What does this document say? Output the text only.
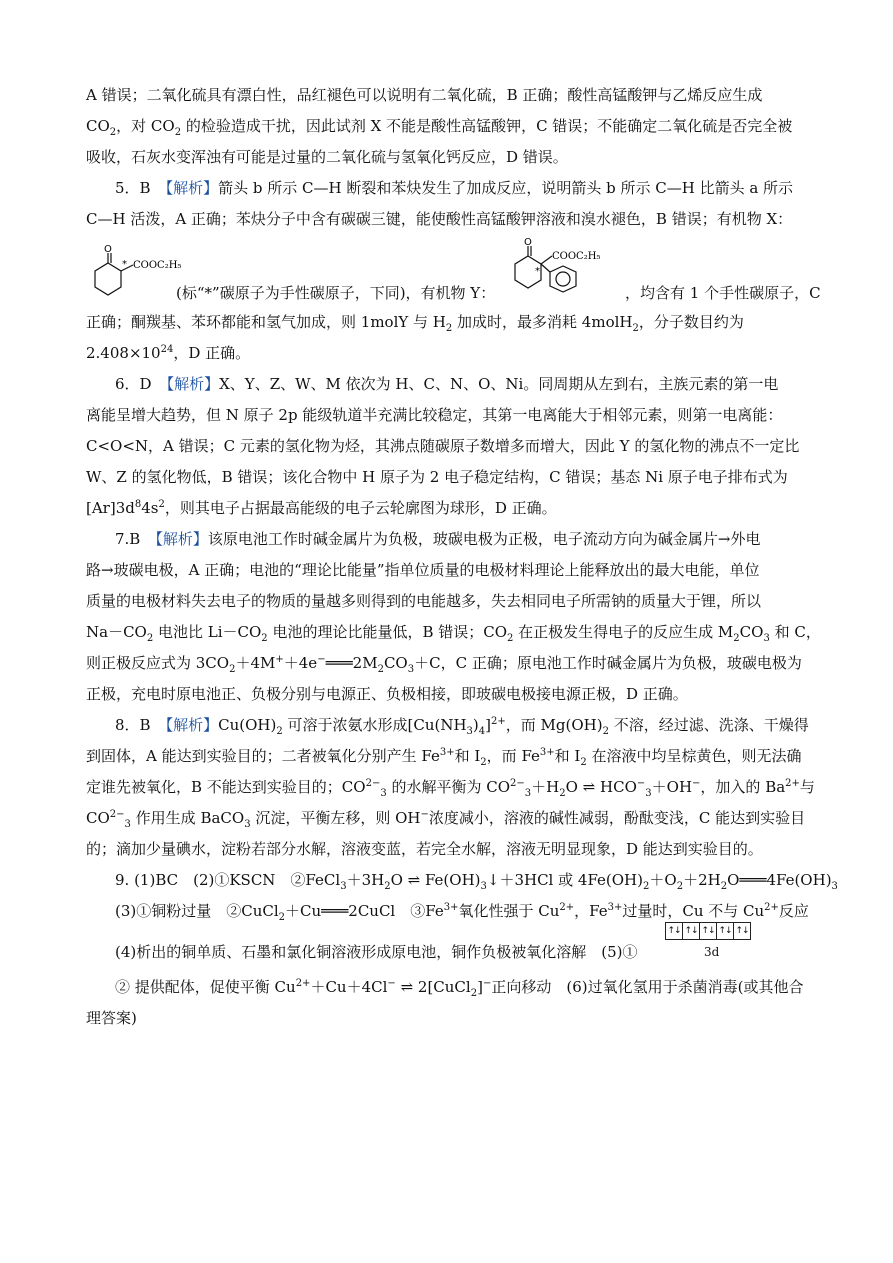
A 错误；二氧化硫具有漂白性，品红褪色可以说明有二氧化硫，B 正确；酸性高锰酸钾与乙烯反应生成
$CO_2$，对 $CO_2$ 的检验造成干扰，因此试剂 X 不能是酸性高锰酸钾，C 错误；不能确定二氧化硫是否完全被
吸收，石灰水变浑浊有可能是过量的二氧化硫与氢氧化钙反应，D 错误。
5．B　 【解析】箭头 b 所示 C—H 断裂和苯炔发生了加成反应，说明箭头 b 所示 C—H 比箭头 a 所示
C—H 活泼，A 正确；苯炔分子中含有碳碳三键，能使酸性高锰酸钾溶液和溴水褪色，B 错误；有机物 X：
O
* COOC₂H₅
O
*
COOC₂H₅
(标“*”碳原子为手性碳原子，下同)，有机物 Y：	，均含有 1 个手性碳原子，C
正确；酮羰基、苯环都能和氢气加成，则 1molY 与 $H_2$ 加成时，最多消耗 4molH$_2$，分子数目约为
$2.408\times 10^{24}$，D 正确。
6．D　 【解析】X、Y、Z、W、M 依次为 H、C、N、O、Ni。同周期从左到右，主族元素的第一电
离能呈增大趋势，但 N 原子 2p 能级轨道半充满比较稳定，其第一电离能大于相邻元素，则第一电离能：
C<O<N，A 错误；C 元素的氢化物为烃，其沸点随碳原子数增多而增大，因此 Y 的氢化物的沸点不一定比
W、Z 的氢化物低，B 错误；该化合物中 H 原子为 2 电子稳定结构，C 错误；基态 Ni 原子电子排布式为
$[Ar]3d^84s^2$，则其电子占据最高能级的电子云轮廓图为球形，D 正确。
7.B　 【解析】该原电池工作时碱金属片为负极，玻碳电极为正极，电子流动方向为碱金属片→外电
路→玻碳电极，A 正确；电池的“理论比能量”指单位质量的电极材料理论上能释放出的最大电能，单位
质量的电极材料失去电子的物质的量越多则得到的电能越多，失去相同电子所需钠的质量大于锂，所以
$Na-CO_2$ 电池比 $Li-CO_2$ 电池的理论比能量低，B 错误；$CO_2$ 在正极发生得电子的反应生成 $M_2CO_3$ 和 C，
则正极反应式为 $3CO_2+4M^++4e^-═══2M_2CO_3+C$，C 正确；原电池工作时碱金属片为负极，玻碳电极为
正极，充电时原电池正、负极分别与电源正、负极相接，即玻碳电极接电源正极，D 正确。
8．B　 【解析】$Cu(OH)_2$ 可溶于浓氨水形成$[Cu(NH_3)_4]^{2+}$，而 $Mg(OH)_2$ 不溶，经过滤、洗涤、干燥得
到固体，A 能达到实验目的；二者被氧化分别产生 $Fe^{3+}$和 $I_2$，而 $Fe^{3+}$和 $I_2$ 在溶液中均呈棕黄色，则无法确
定谁先被氧化，B 不能达到实验目的；$CO^{2-}_3$ 的水解平衡为 $CO^{2-}_3+H_2O$ ⇌ $HCO^-_3+OH^-$，加入的 $Ba^{2+}$与
$CO^{2-}_3$ 作用生成 BaCO$_3$ 沉淀，平衡左移，则 OH−浓度减小，溶液的碱性减弱，酚酞变浅，C 能达到实验目
的；滴加少量碘水，淀粉若部分水解，溶液变蓝，若完全水解，溶液无明显现象，D 能达到实验目的。
9. (1)BC　(2)①KSCN　$②FeCl_3+3H_2O$ ⇌ $Fe(OH)_3↓+3HCl$ 或 $4Fe(OH)_2+O_2+2H_2O═══4Fe(OH)_3$
(3)①铜粉过量　②CuCl$_2$＋Cu═══2CuCl　$③Fe^{3+}$氧化性强于 $Cu^{2+}$，$Fe^{3+}$过量时，Cu 不与 $Cu^{2+}$反应
(4)析出的铜单质、石墨和氯化铜溶液形成原电池，铜作负极被氧化溶解　(5)①
↑↓ ↑↓ ↑↓ ↑↓ ↑↓
3d
② 提供配体，促使平衡 $Cu^{2+}+Cu+4Cl^-$ ⇌ 2[CuCl$_2$]−正向移动　(6)过氧化氢用于杀菌消毒(或其他合
理答案)
